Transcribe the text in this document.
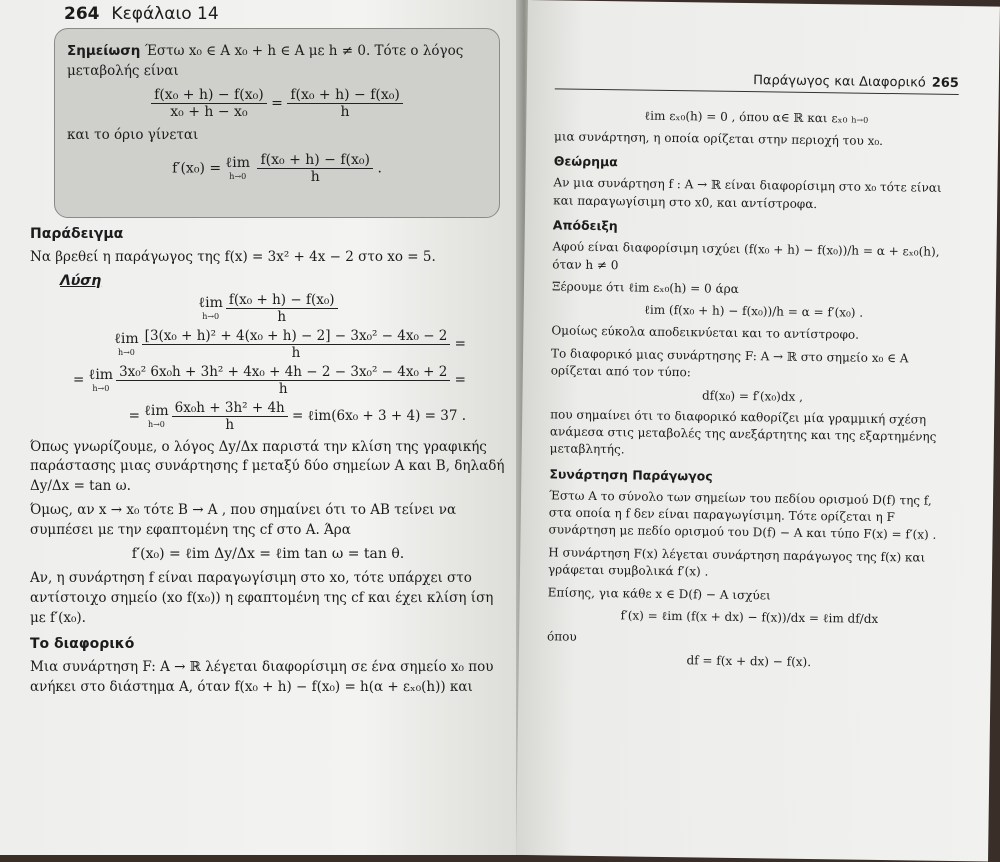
264 Κεφάλαιο 14

Σημείωση Έστω x₀ ∈ A x₀ + h ∈ A με h ≠ 0. Τότε ο λόγος μεταβολής είναι

$\frac{\text{f(x₀ + h) − f(x₀)}}{\text{x₀ + h − x₀}} = \frac{\text{f(x₀ + h) − f(x₀)}}{h}$

και το όριο γίνεται

f′(x₀) = ℓim
h→0
$\frac{\text{f(x₀ + h) − f(x₀)}}{h}$ .
Παράδειγμα

Να βρεθεί η παράγωγος της f(x) = 3x² + 4x − 2 στο xο = 5.

Λύση
ℓim
$h\to 0 \frac{\text{f(x₀ + h) − f(x₀)}}{h}$
ℓim
$h\to 0 \frac{\text{[3(x₀ + h)² + 4(x₀ + h) − 2] − 3x₀² − 4x₀ − 2}}{h}$ =
= ℓim
$h\to 0 \frac{\text{3x₀² 6x₀h + 3h² + 4x₀ + 4h − 2 − 3x₀² − 4x₀ + 2}}{h}$ =
= ℓim
$h\to 0 \frac{\text{6x₀h + 3h² + 4h}}{h}$ = ℓim(6x₀ + 3 + 4) = 37 .

Όπως γνωρίζουμε, ο λόγος Δy/Δx παριστά την κλίση της γραφικής παράστασης μιας συνάρτησης f μεταξύ δύο σημείων Α και Β, δηλαδή Δy/Δx = tan ω.

Όμως, αν x → x₀ τότε B → A , που σημαίνει ότι το ΑΒ τείνει να συμπέσει με την εφαπτομένη της cf στο Α. Άρα

f′(x₀) = ℓim Δy/Δx = ℓim tan ω = tan θ.

Αν, η συνάρτηση f είναι παραγωγίσιμη στο xο, τότε υπάρχει στο αντίστοιχο σημείο (xο f(x₀)) η εφαπτομένη της cf και έχει κλίση ίση με f′(x₀).

Το διαφορικό

Μια συνάρτηση F: A → ℝ λέγεται διαφορίσιμη σε ένα σημείο x₀ που ανήκει στο διάστημα Α, όταν f(x₀ + h) − f(x₀) = h(α + εₓ₀(h)) και

Παράγωγος και Διαφορικό 265
ℓim εₓ₀(h) = 0 , όπου α∈ ℝ και εₓ₀ h→0

μια συνάρτηση, η οποία ορίζεται στην περιοχή του x₀.

Θεώρημα

Αν μια συνάρτηση f : A → ℝ είναι διαφορίσιμη στο x₀ τότε είναι και παραγωγίσιμη στο x0, και αντίστροφα.

Απόδειξη

Αφού είναι διαφορίσιμη ισχύει (f(x₀ + h) − f(x₀))/h = α + εₓ₀(h), όταν h ≠ 0

Ξέρουμε ότι ℓim εₓ₀(h) = 0 άρα

ℓim (f(x₀ + h) − f(x₀))/h = α = f′(x₀) .

Ομοίως εύκολα αποδεικνύεται και το αντίστροφο.

Το διαφορικό μιας συνάρτησης F: A → ℝ στο σημείο x₀ ∈ A ορίζεται από τον τύπο:

df(x₀) = f′(x₀)dx ,

που σημαίνει ότι το διαφορικό καθορίζει μία γραμμική σχέση ανάμεσα στις μεταβολές της ανεξάρτητης και της εξαρτημένης μεταβλητής.

Συνάρτηση Παράγωγος

Έστω Α το σύνολο των σημείων του πεδίου ορισμού D(f) της f, στα οποία η f δεν είναι παραγωγίσιμη. Τότε ορίζεται η F συνάρτηση με πεδίο ορισμού του D(f) − A και τύπο F(x) = f′(x) .

Η συνάρτηση F(x) λέγεται συνάρτηση παράγωγος της f(x) και γράφεται συμβολικά f′(x) .

Επίσης, για κάθε x ∈ D(f) − A ισχύει

f′(x) = ℓim (f(x + dx) − f(x))/dx = ℓim df/dx

όπου

df = f(x + dx) − f(x).
